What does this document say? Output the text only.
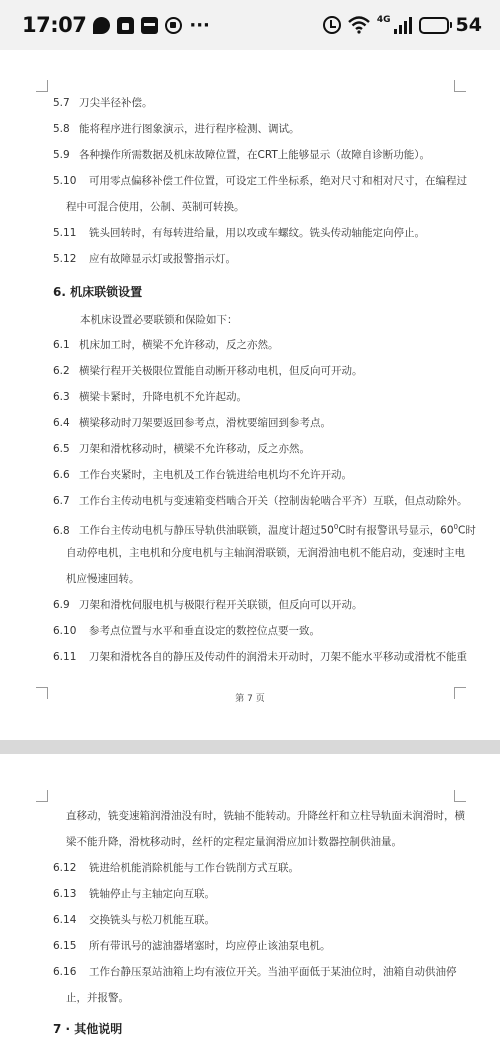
17:07	···	4G	54
5.7 刀尖半径补偿。
5.8 能将程序进行图象演示，进行程序检测、调试。
5.9 各种操作所需数据及机床故障位置，在CRT上能够显示（故障自诊断功能）。
5.10 可用零点偏移补偿工件位置，可设定工件坐标系，绝对尺寸和相对尺寸，在编程过
程中可混合使用，公制、英制可转换。
5.11 铣头回转时，有每转进给量，用以攻或车螺纹。铣头传动轴能定向停止。
5.12 应有故障显示灯或报警指示灯。
6. 机床联锁设置
本机床设置必要联锁和保险如下：
6.1 机床加工时，横梁不允许移动，反之亦然。
6.2 横梁行程开关极限位置能自动断开移动电机，但反向可开动。
6.3 横梁卡紧时，升降电机不允许起动。
6.4 横梁移动时刀架要返回参考点，滑枕要缩回到参考点。
6.5 刀架和滑枕移动时，横梁不允许移动，反之亦然。
6.6 工作台夹紧时，主电机及工作台铣进给电机均不允许开动。
6.7 工作台主传动电机与变速箱变档啮合开关（控制齿轮啮合平齐）互联，但点动除外。
6.8 工作台主传动电机与静压导轨供油联锁，温度计超过$50^0C$时有报警讯号显示，$60^0C$时
自动停电机，主电机和分度电机与主轴润滑联锁，无润滑油电机不能启动，变速时主电
机应慢速回转。
6.9 刀架和滑枕伺服电机与极限行程开关联锁，但反向可以开动。
6.10 参考点位置与水平和垂直设定的数控位点要一致。
6.11 刀架和滑枕各自的静压及传动件的润滑未开动时，刀架不能水平移动或滑枕不能重
第 7 页
直移动，铣变速箱润滑油没有时，铣轴不能转动。升降丝杆和立柱导轨面未润滑时，横
梁不能升降，滑枕移动时，丝杆的定程定量润滑应加计数器控制供油量。
6.12 铣进给机能消除机能与工作台铣削方式互联。
6.13 铣轴停止与主轴定向互联。
6.14 交换铣头与松刀机能互联。
6.15 所有带讯号的滤油器堵塞时，均应停止该油泵电机。
6.16 工作台静压泵站油箱上均有液位开关。当油平面低于某油位时，油箱自动供油停
止，并报警。
7 · 其他说明
